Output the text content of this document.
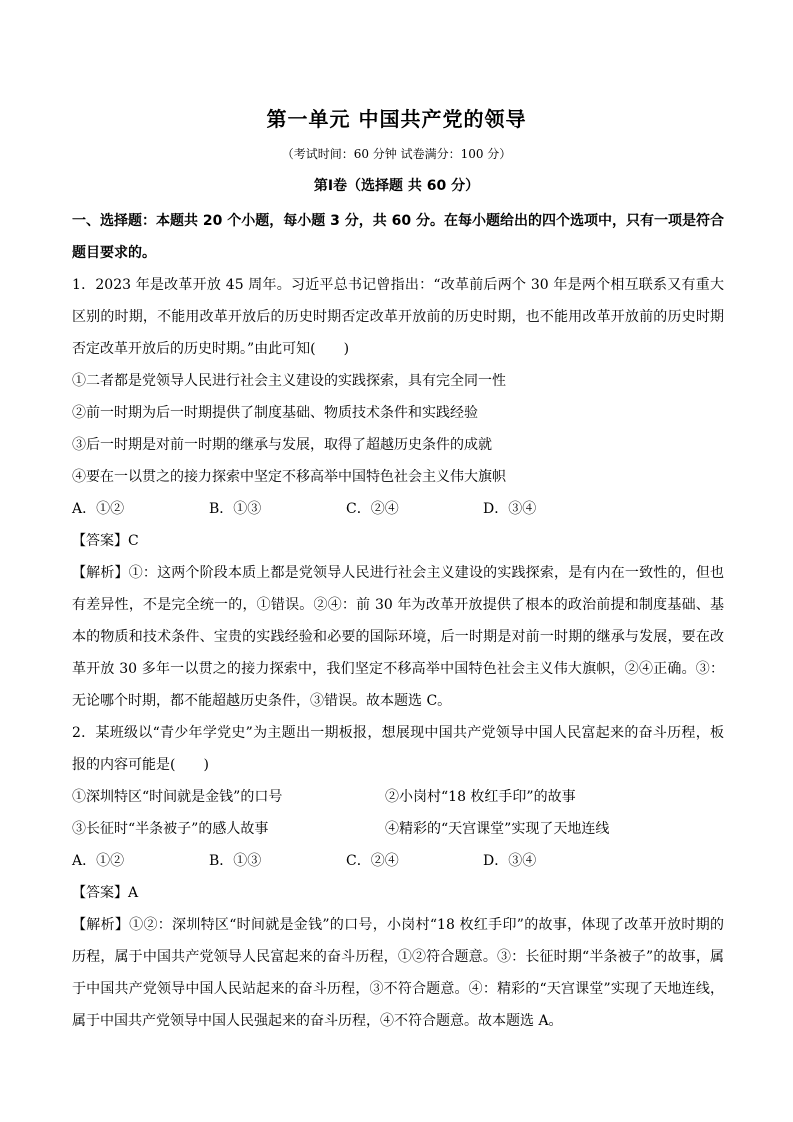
第一单元 中国共产党的领导
（考试时间：60 分钟 试卷满分：100 分）
第Ⅰ卷（选择题 共 60 分）

一、选择题：本题共 20 个小题，每小题 3 分，共 60 分。在每小题给出的四个选项中，只有一项是符合题目要求的。

1．2023 年是改革开放 45 周年。习近平总书记曾指出：“改革前后两个 30 年是两个相互联系又有重大区别的时期，不能用改革开放后的历史时期否定改革开放前的历史时期，也不能用改革开放前的历史时期否定改革开放后的历史时期。”由此可知(　　)

①二者都是党领导人民进行社会主义建设的实践探索，具有完全同一性

②前一时期为后一时期提供了制度基础、物质技术条件和实践经验

③后一时期是对前一时期的继承与发展，取得了超越历史条件的成就

④要在一以贯之的接力探索中坚定不移高举中国特色社会主义伟大旗帜

A．①②	B．①③	C．②④	D．③④

【答案】C

【解析】①：这两个阶段本质上都是党领导人民进行社会主义建设的实践探索，是有内在一致性的，但也有差异性，不是完全统一的，①错误。②④：前 30 年为改革开放提供了根本的政治前提和制度基础、基本的物质和技术条件、宝贵的实践经验和必要的国际环境，后一时期是对前一时期的继承与发展，要在改革开放 30 多年一以贯之的接力探索中，我们坚定不移高举中国特色社会主义伟大旗帜，②④正确。③：无论哪个时期，都不能超越历史条件，③错误。故本题选 C。

2．某班级以“青少年学党史”为主题出一期板报，想展现中国共产党领导中国人民富起来的奋斗历程，板报的内容可能是(　　)

①深圳特区“时间就是金钱”的口号	②小岗村“18 枚红手印”的故事
③长征时“半条被子”的感人故事	④精彩的“天宫课堂”实现了天地连线
A．①②	B．①③	C．②④	D．③④

【答案】A

【解析】①②：深圳特区“时间就是金钱”的口号，小岗村“18 枚红手印”的故事，体现了改革开放时期的历程，属于中国共产党领导人民富起来的奋斗历程，①②符合题意。③：长征时期“半条被子”的故事，属于中国共产党领导中国人民站起来的奋斗历程，③不符合题意。④：精彩的“天宫课堂”实现了天地连线，属于中国共产党领导中国人民强起来的奋斗历程，④不符合题意。故本题选 A。
